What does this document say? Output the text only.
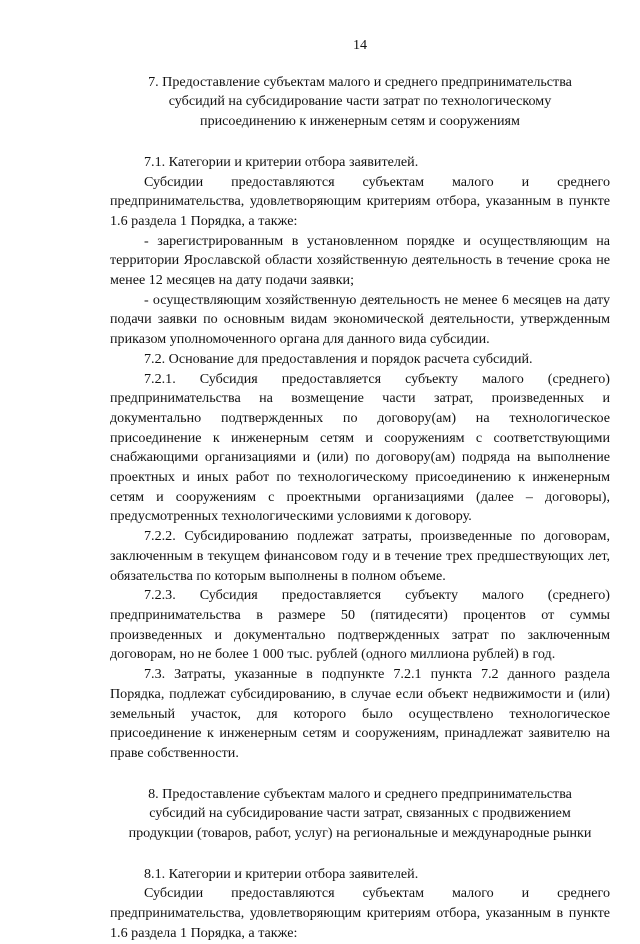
14
7. Предоставление субъектам малого и среднего предпринимательства
субсидий на субсидирование части затрат по технологическому
присоединению к инженерным сетям и сооружениям

7.1. Категории и критерии отбора заявителей.

Субсидии предоставляются субъектам малого и среднего предпринимательства, удовлетворяющим критериям отбора, указанным в пункте 1.6 раздела 1 Порядка, а также:

- зарегистрированным в установленном порядке и осуществляющим на территории Ярославской области хозяйственную деятельность в течение срока не менее 12 месяцев на дату подачи заявки;

- осуществляющим хозяйственную деятельность не менее 6 месяцев на дату подачи заявки по основным видам экономической деятельности, утвержденным приказом уполномоченного органа для данного вида субсидии.

7.2. Основание для предоставления и порядок расчета субсидий.

7.2.1. Субсидия предоставляется субъекту малого (среднего) предпринимательства на возмещение части затрат, произведенных и документально подтвержденных по договору(ам) на технологическое присоединение к инженерным сетям и сооружениям с соответствующими снабжающими организациями и (или) по договору(ам) подряда на выполнение проектных и иных работ по технологическому присоединению к инженерным сетям и сооружениям с проектными организациями (далее – договоры), предусмотренных технологическими условиями к договору.

7.2.2. Субсидированию подлежат затраты, произведенные по договорам, заключенным в текущем финансовом году и в течение трех предшествующих лет, обязательства по которым выполнены в полном объеме.

7.2.3. Субсидия предоставляется субъекту малого (среднего) предпринимательства в размере 50 (пятидесяти) процентов от суммы произведенных и документально подтвержденных затрат по заключенным договорам, но не более 1 000 тыс. рублей (одного миллиона рублей) в год.

7.3. Затраты, указанные в подпункте 7.2.1 пункта 7.2 данного раздела Порядка, подлежат субсидированию, в случае если объект недвижимости и (или) земельный участок, для которого было осуществлено технологическое присоединение к инженерным сетям и сооружениям, принадлежат заявителю на праве собственности.

8. Предоставление субъектам малого и среднего предпринимательства
субсидий на субсидирование части затрат, связанных с продвижением
продукции (товаров, работ, услуг) на региональные и международные рынки

8.1. Категории и критерии отбора заявителей.

Субсидии предоставляются субъектам малого и среднего предпринимательства, удовлетворяющим критериям отбора, указанным в пункте 1.6 раздела 1 Порядка, а также:
